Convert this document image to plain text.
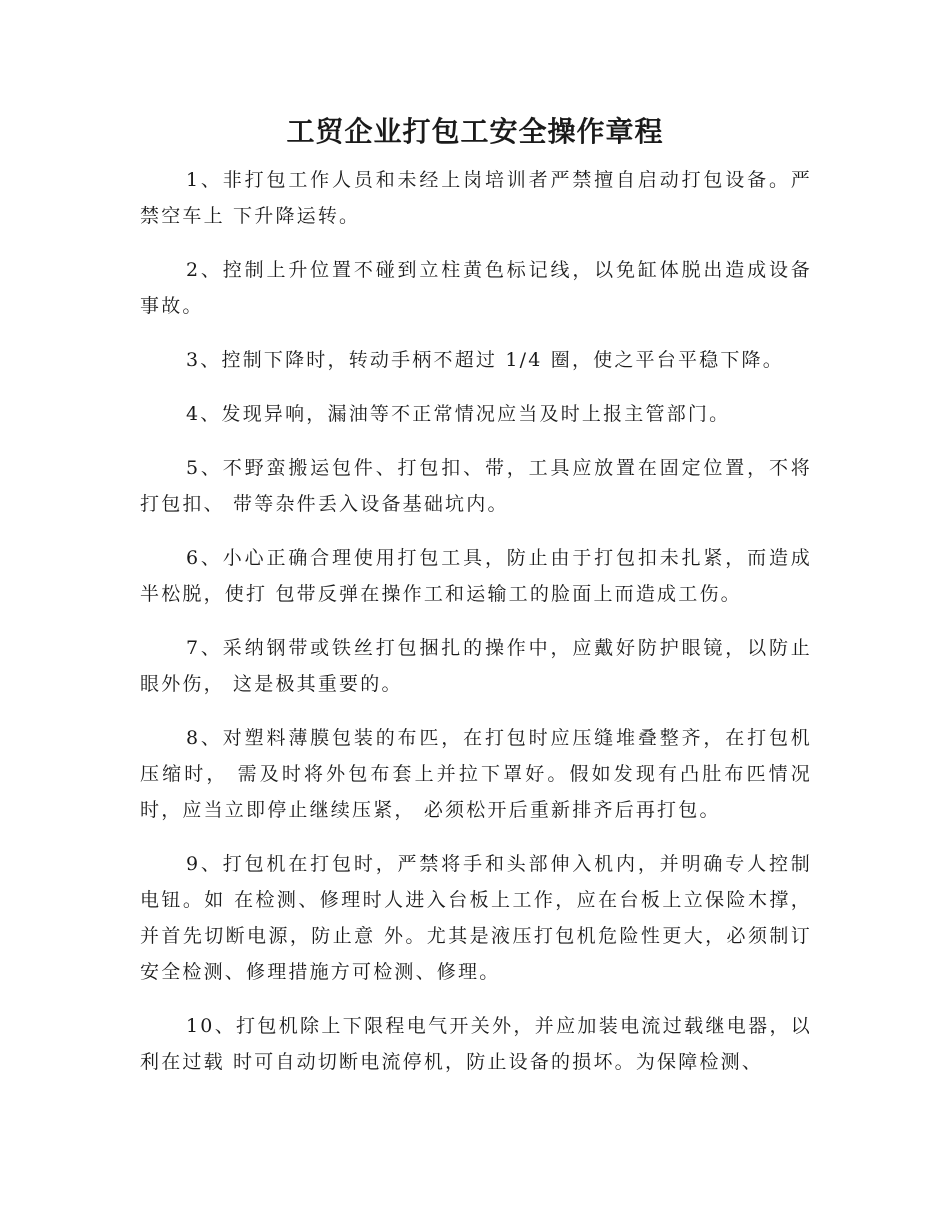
工贸企业打包工安全操作章程

1、非打包工作人员和未经上岗培训者严禁擅自启动打包设备。严禁空车上 下升降运转。

2、控制上升位置不碰到立柱黄色标记线，以免缸体脱出造成设备事故。

3、控制下降时，转动手柄不超过 1/4 圈，使之平台平稳下降。

4、发现异响，漏油等不正常情况应当及时上报主管部门。

5、不野蛮搬运包件、打包扣、带，工具应放置在固定位置，不将打包扣、 带等杂件丢入设备基础坑内。

6、小心正确合理使用打包工具，防止由于打包扣未扎紧，而造成半松脱，使打 包带反弹在操作工和运输工的脸面上而造成工伤。

7、采纳钢带或铁丝打包捆扎的操作中，应戴好防护眼镜，以防止眼外伤， 这是极其重要的。

8、对塑料薄膜包装的布匹，在打包时应压缝堆叠整齐，在打包机压缩时， 需及时将外包布套上并拉下罩好。假如发现有凸肚布匹情况时，应当立即停止继续压紧， 必须松开后重新排齐后再打包。

9、打包机在打包时，严禁将手和头部伸入机内，并明确专人控制电钮。如 在检测、修理时人进入台板上工作，应在台板上立保险木撑，并首先切断电源，防止意 外。尤其是液压打包机危险性更大，必须制订安全检测、修理措施方可检测、修理。

10、打包机除上下限程电气开关外，并应加装电流过载继电器，以利在过载 时可自动切断电流停机，防止设备的损坏。为保障检测、
